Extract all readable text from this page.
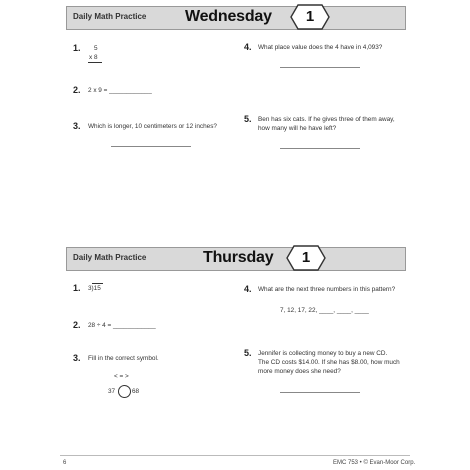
Daily Math Practice Wednesday	1
1. 5
x 8
2. 2 x 9 = ____________
3. Which is longer, 10 centimeters or 12 inches?
4. What place value does the 4 have in 4,093?
5. Ben has six cats. If he gives three of them away,
how many will he have left?
Daily Math Practice	Thursday	1
1. 3)15
2. 28 ÷ 4 = ____________
3. Fill in the correct symbol.
< = >
37	68
4. What are the next three numbers in this pattern?
7, 12, 17, 22, ____, ____, ____
5. Jennifer is collecting money to buy a new CD.
The CD costs $14.00. If she has $8.00, how much
more money does she need?
6	EMC 753 • © Evan-Moor Corp.
